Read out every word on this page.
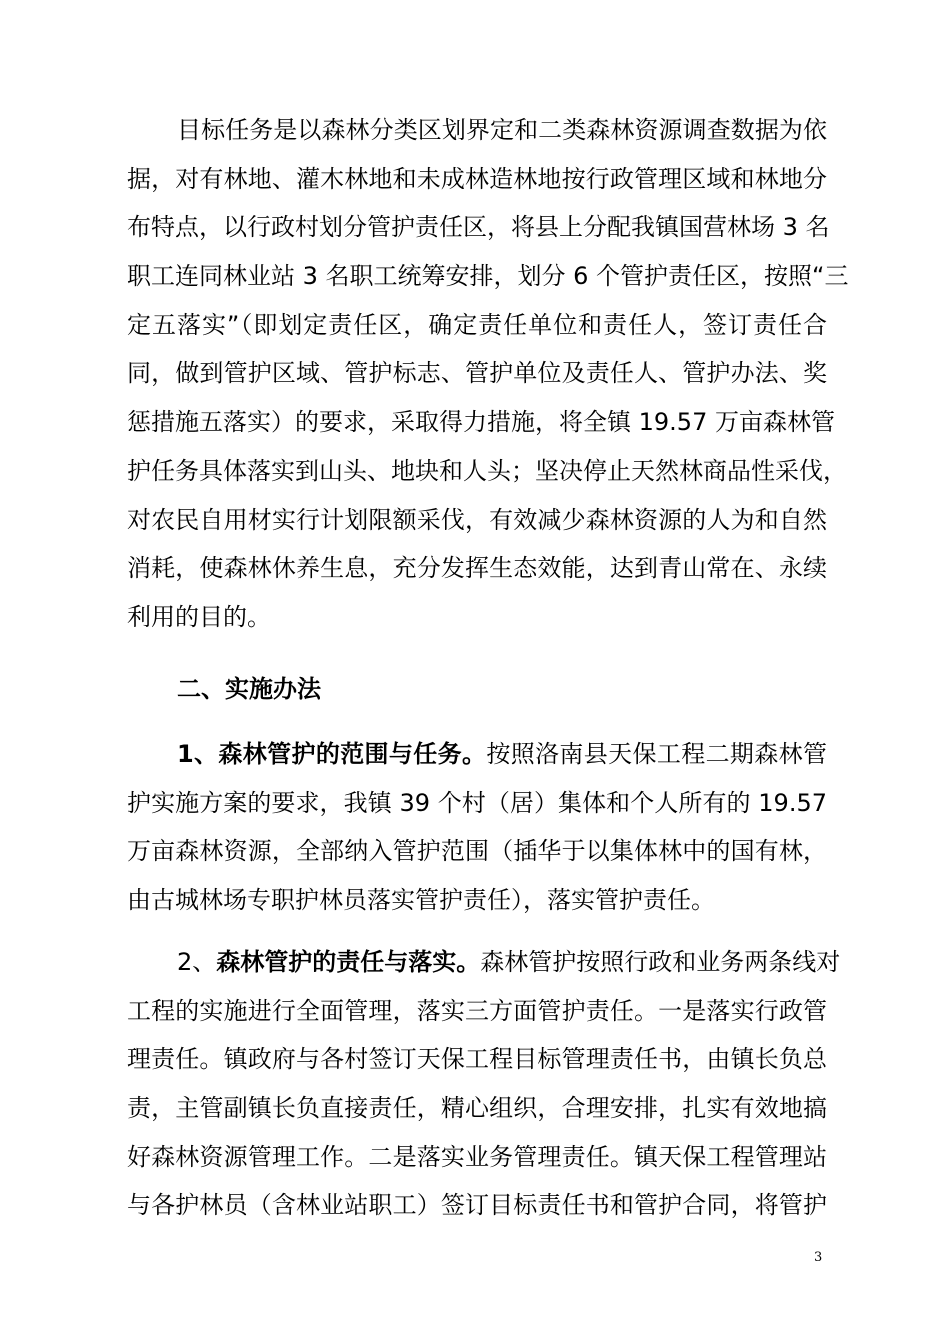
目标任务是以森林分类区划界定和二类森林资源调查数据为依
据，对有林地、灌木林地和未成林造林地按行政管理区域和林地分
布特点，以行政村划分管护责任区，将县上分配我镇国营林场 3 名
职工连同林业站 3 名职工统筹安排，划分 6 个管护责任区，按照“三
定五落实”（即划定责任区，确定责任单位和责任人，签订责任合
同，做到管护区域、管护标志、管护单位及责任人、管护办法、奖
惩措施五落实）的要求，采取得力措施，将全镇 19.57 万亩森林管
护任务具体落实到山头、地块和人头；坚决停止天然林商品性采伐，
对农民自用材实行计划限额采伐，有效减少森林资源的人为和自然
消耗，使森林休养生息，充分发挥生态效能，达到青山常在、永续
利用的目的。
二、实施办法
1、森林管护的范围与任务。按照洛南县天保工程二期森林管
护实施方案的要求，我镇 39 个村（居）集体和个人所有的 19.57
万亩森林资源，全部纳入管护范围（插华于以集体林中的国有林，
由古城林场专职护林员落实管护责任），落实管护责任。
2、森林管护的责任与落实。森林管护按照行政和业务两条线对
工程的实施进行全面管理，落实三方面管护责任。一是落实行政管
理责任。镇政府与各村签订天保工程目标管理责任书，由镇长负总
责，主管副镇长负直接责任，精心组织，合理安排，扎实有效地搞
好森林资源管理工作。二是落实业务管理责任。镇天保工程管理站
与各护林员（含林业站职工）签订目标责任书和管护合同，将管护
3
